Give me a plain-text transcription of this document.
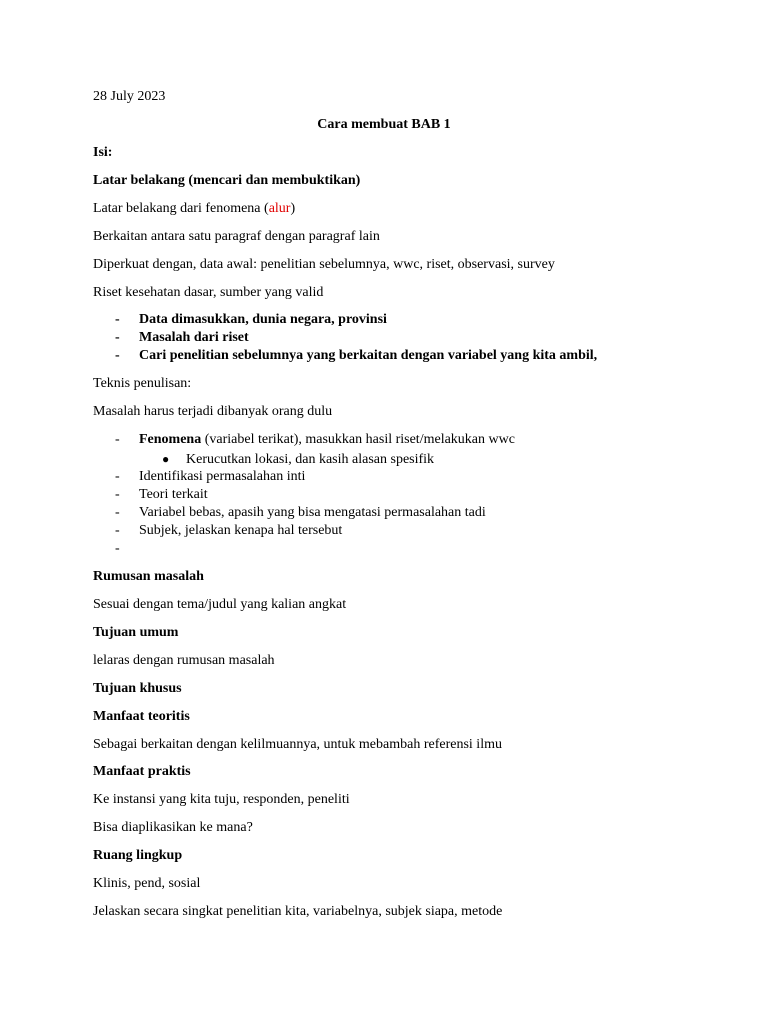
28 July 2023
Cara membuat BAB 1
Isi:
Latar belakang (mencari dan membuktikan)
Latar belakang dari fenomena (alur)
Berkaitan antara satu paragraf dengan paragraf lain
Diperkuat dengan, data awal: penelitian sebelumnya, wwc, riset, observasi, survey
Riset kesehatan dasar, sumber yang valid
- Data dimasukkan, dunia negara, provinsi
- Masalah dari riset
- Cari penelitian sebelumnya yang berkaitan dengan variabel yang kita ambil,
Teknis penulisan:
Masalah harus terjadi dibanyak orang dulu
- Fenomena (variabel terikat), masukkan hasil riset/melakukan wwc
● Kerucutkan lokasi, dan kasih alasan spesifik
- Identifikasi permasalahan inti
- Teori terkait
- Variabel bebas, apasih yang bisa mengatasi permasalahan tadi
- Subjek, jelaskan kenapa hal tersebut
-
Rumusan masalah
Sesuai dengan tema/judul yang kalian angkat
Tujuan umum
lelaras dengan rumusan masalah
Tujuan khusus
Manfaat teoritis
Sebagai berkaitan dengan kelilmuannya, untuk mebambah referensi ilmu
Manfaat praktis
Ke instansi yang kita tuju, responden, peneliti
Bisa diaplikasikan ke mana?
Ruang lingkup
Klinis, pend, sosial
Jelaskan secara singkat penelitian kita, variabelnya, subjek siapa, metode
